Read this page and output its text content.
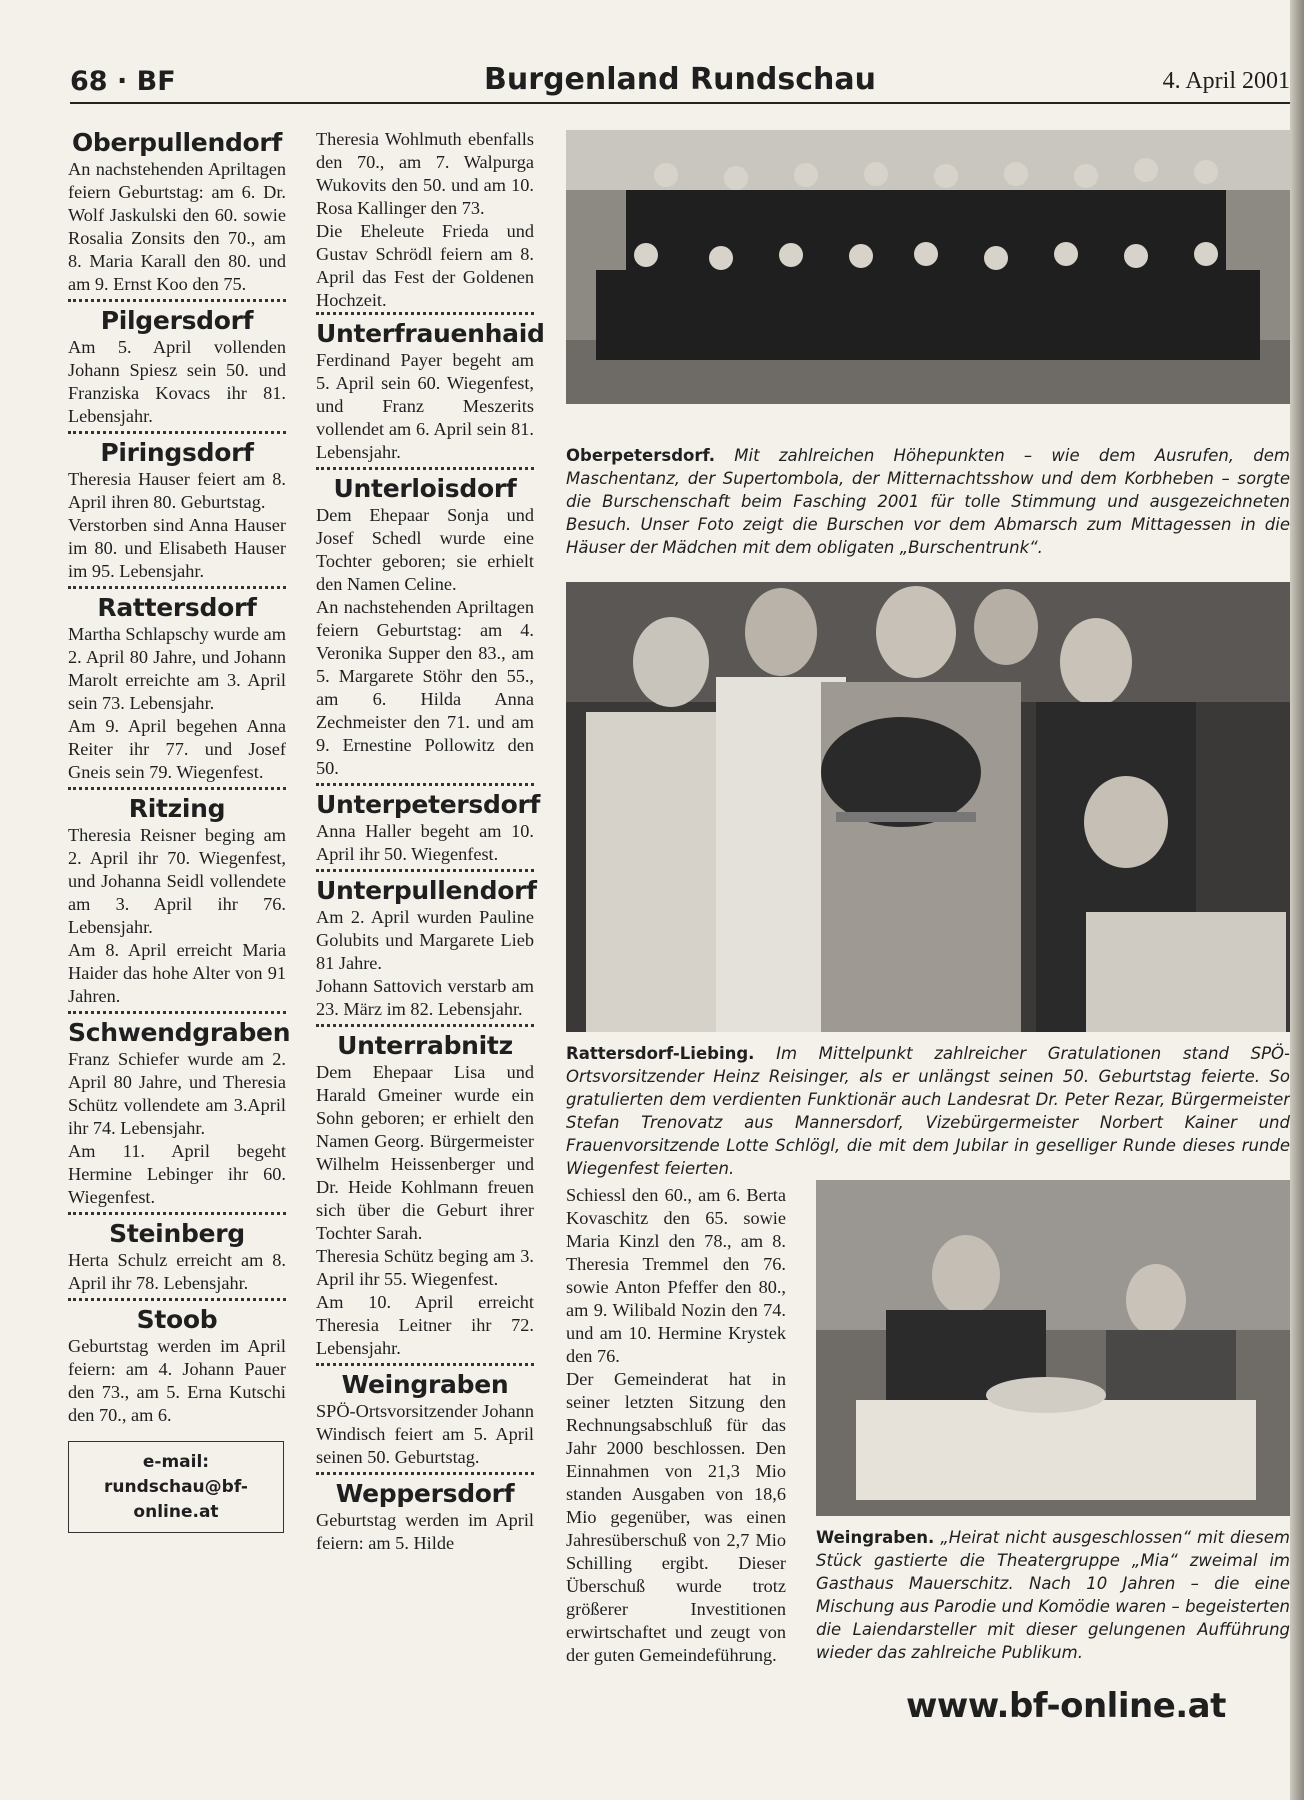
68 · BF	Burgenland Rundschau	4. April 2001
Oberpullendorf

An nachstehenden Apriltagen feiern Geburtstag: am 6. Dr. Wolf Jaskulski den 60. sowie Rosalia Zonsits den 70., am 8. Maria Karall den 80. und am 9. Ernst Koo den 75.

Pilgersdorf

Am 5. April vollenden Johann Spiesz sein 50. und Franziska Kovacs ihr 81. Lebensjahr.

Piringsdorf

Theresia Hauser feiert am 8. April ihren 80. Geburtstag.

Verstorben sind Anna Hauser im 80. und Elisabeth Hauser im 95. Lebensjahr.

Rattersdorf

Martha Schlapschy wurde am 2. April 80 Jahre, und Johann Marolt erreichte am 3. April sein 73. Lebensjahr.

Am 9. April begehen Anna Reiter ihr 77. und Josef Gneis sein 79. Wiegenfest.

Ritzing

Theresia Reisner beging am 2. April ihr 70. Wiegenfest, und Johanna Seidl vollendete am 3. April ihr 76. Lebensjahr.

Am 8. April erreicht Maria Haider das hohe Alter von 91 Jahren.

Schwendgraben

Franz Schiefer wurde am 2. April 80 Jahre, und Theresia Schütz vollendete am 3.April ihr 74. Lebensjahr.

Am 11. April begeht Hermine Lebinger ihr 60. Wiegenfest.

Steinberg

Herta Schulz erreicht am 8. April ihr 78. Lebensjahr.

Stoob

Geburtstag werden im April feiern: am 4. Johann Pauer den 73., am 5. Erna Kutschi den 70., am 6.

e-mail:
rundschau@bf-
online.at

Theresia Wohlmuth ebenfalls den 70., am 7. Walpurga Wukovits den 50. und am 10. Rosa Kallinger den 73.
Die Eheleute Frieda und Gustav Schrödl feiern am 8. April das Fest der Goldenen Hochzeit.

Unterfrauenhaid

Ferdinand Payer begeht am 5. April sein 60. Wiegenfest, und Franz Meszerits vollendet am 6. April sein 81. Lebensjahr.

Unterloisdorf

Dem Ehepaar Sonja und Josef Schedl wurde eine Tochter geboren; sie erhielt den Namen Celine.

An nachstehenden Apriltagen feiern Geburtstag: am 4. Veronika Supper den 83., am 5. Margarete Stöhr den 55., am 6. Hilda Anna Zechmeister den 71. und am 9. Ernestine Pollowitz den 50.

Unterpetersdorf

Anna Haller begeht am 10. April ihr 50. Wiegenfest.

Unterpullendorf

Am 2. April wurden Pauline Golubits und Margarete Lieb 81 Jahre.

Johann Sattovich verstarb am 23. März im 82. Lebensjahr.

Unterrabnitz

Dem Ehepaar Lisa und Harald Gmeiner wurde ein Sohn geboren; er erhielt den Namen Georg. Bürgermeister Wilhelm Heissenberger und Dr. Heide Kohlmann freuen sich über die Geburt ihrer Tochter Sarah.

Theresia Schütz beging am 3. April ihr 55. Wiegenfest.

Am 10. April erreicht Theresia Leitner ihr 72. Lebensjahr.

Weingraben

SPÖ-Ortsvorsitzender Johann Windisch feiert am 5. April seinen 50. Geburtstag.

Weppersdorf

Geburtstag werden im April feiern: am 5. Hilde

Oberpetersdorf. Mit zahlreichen Höhepunkten – wie dem Ausrufen, dem Maschentanz, der Supertombola, der Mitternachtsshow und dem Korbheben – sorgte die Burschenschaft beim Fasching 2001 für tolle Stimmung und ausgezeichneten Besuch. Unser Foto zeigt die Burschen vor dem Abmarsch zum Mittagessen in die Häuser der Mädchen mit dem obligaten „Burschentrunk“.
Rattersdorf-Liebing. Im Mittelpunkt zahlreicher Gratulationen stand SPÖ-Ortsvorsitzender Heinz Reisinger, als er unlängst seinen 50. Geburtstag feierte. So gratulierten dem verdienten Funktionär auch Landesrat Dr. Peter Rezar, Bürgermeister Stefan Trenovatz aus Mannersdorf, Vizebürgermeister Norbert Kainer und Frauenvorsitzende Lotte Schlögl, die mit dem Jubilar in geselliger Runde dieses runde Wiegenfest feierten.

Schiessl den 60., am 6. Berta Kovaschitz den 65. sowie Maria Kinzl den 78., am 8. Theresia Tremmel den 76. sowie Anton Pfeffer den 80., am 9. Wilibald Nozin den 74. und am 10. Hermine Krystek den 76.

Der Gemeinderat hat in seiner letzten Sitzung den Rechnungsabschluß für das Jahr 2000 beschlossen. Den Einnahmen von 21,3 Mio standen Ausgaben von 18,6 Mio gegenüber, was einen Jahresüberschuß von 2,7 Mio Schilling ergibt. Dieser Überschuß wurde trotz größerer Investitionen erwirtschaftet und zeugt von der guten Gemeindeführung.

Weingraben. „Heirat nicht ausgeschlossen“ mit diesem Stück gastierte die Theatergruppe „Mia“ zweimal im Gasthaus Mauerschitz. Nach 10 Jahren – die eine Mischung aus Parodie und Komödie waren – begeisterten die Laiendarsteller mit dieser gelungenen Aufführung wieder das zahlreiche Publikum.
www.bf-online.at
